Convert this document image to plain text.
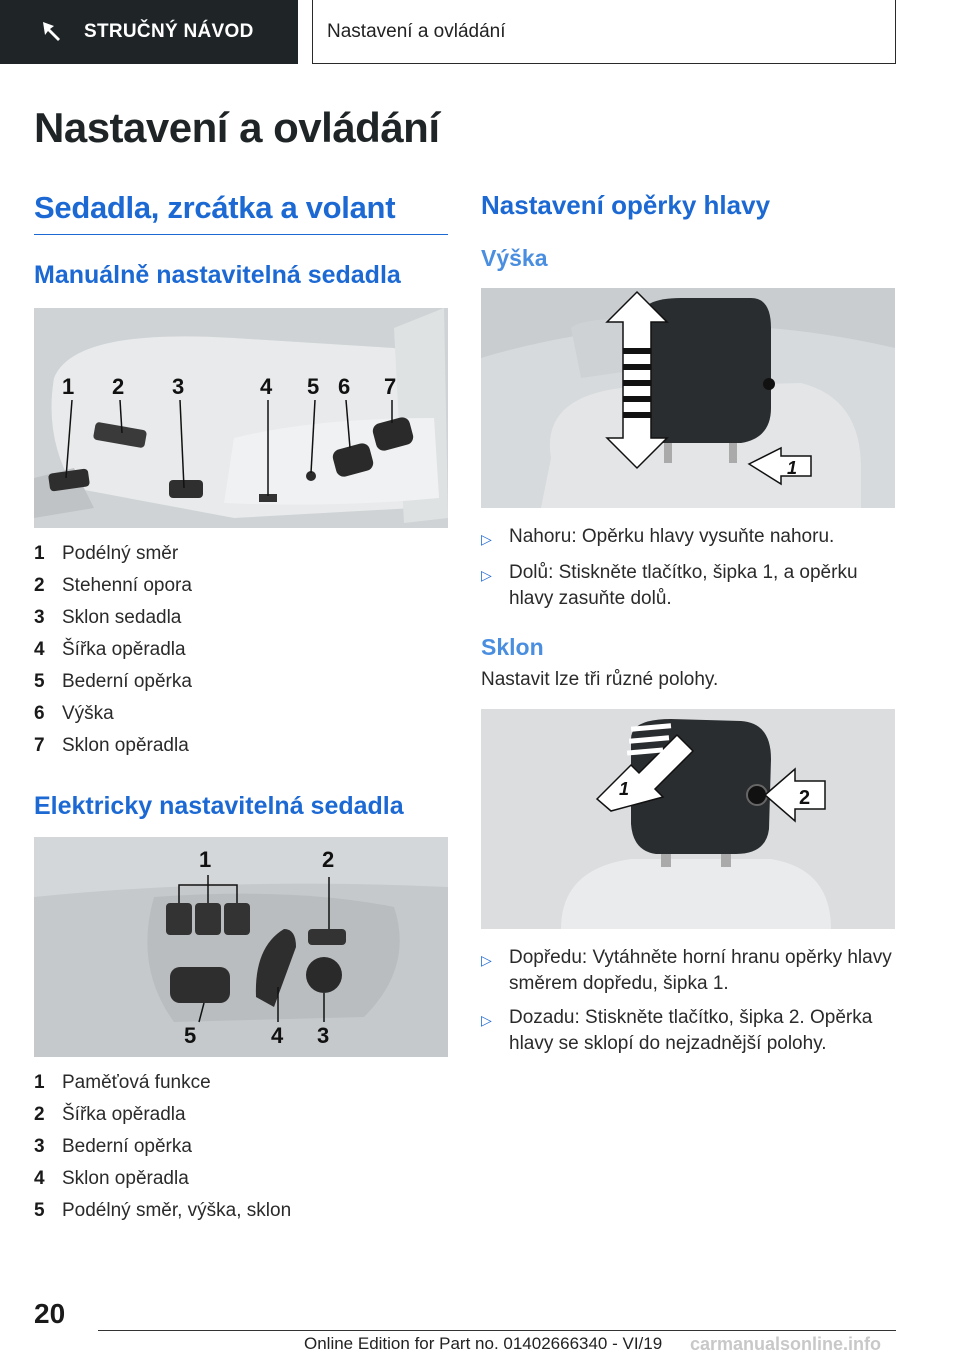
STRUČNÝ NÁVOD	Nastavení a ovládání
Nastavení a ovládání
Sedadla, zrcátka a volant
Manuálně nastavitelná sedadla
1 2 3	4 5 6 7
1 Podélný směr
2 Stehenní opora
3 Sklon sedadla
4 Šířka opěradla
5 Bederní opěrka
6 Výška
7 Sklon opěradla
Elektricky nastavitelná sedadla
1	2
3
4
5
1 Paměťová funkce
2 Šířka opěradla
3 Bederní opěrka
4 Sklon opěradla
5 Podélný směr, výška, sklon
Nastavení opěrky hlavy
Výška
1
▷ Nahoru: Opěrku hlavy vysuňte nahoru.
▷ Dolů: Stiskněte tlačítko, šipka 1, a opěrku hlavy zasuňte dolů.
Sklon
Nastavit lze tři různé polohy.
1	2
▷ Dopředu: Vytáhněte horní hranu opěrky hlavy směrem dopředu, šipka 1.
▷ Dozadu: Stiskněte tlačítko, šipka 2. Opěrka hlavy se sklopí do nejzadnější polohy.
20
Online Edition for Part no. 01402666340 - VI/19 carmanualsonline.info
